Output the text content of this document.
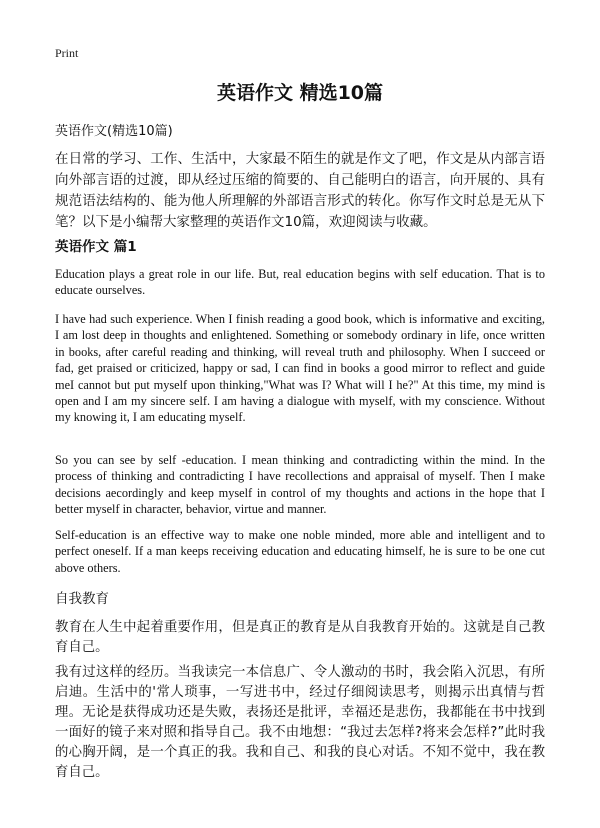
Print
英语作文 精选10篇
英语作文(精选10篇)
在日常的学习、工作、生活中，大家最不陌生的就是作文了吧，作文是从内部言语向外部言语的过渡，即从经过压缩的简要的、自己能明白的语言，向开展的、具有规范语法结构的、能为他人所理解的外部语言形式的转化。你写作文时总是无从下笔？以下是小编帮大家整理的英语作文10篇，欢迎阅读与收藏。
英语作文 篇1

Education plays a great role in our life. But, real education begins with self education. That is to educate ourselves.

I have had such experience. When I finish reading a good book, which is informative and exciting, I am lost deep in thoughts and enlightened. Something or somebody ordinary in life, once written in books, after careful reading and thinking, will reveal truth and philosophy. When I succeed or fad, get praised or criticized, happy or sad, I can find in books a good mirror to reflect and guide meI cannot but put myself upon thinking,"What was I? What will I he?" At this time, my mind is open and I am my sincere self. I am having a dialogue with myself, with my conscience. Without my knowing it, I am educating myself.

So you can see by self -education. I mean thinking and contradicting within the mind. In the process of thinking and contradicting I have recollections and appraisal of myself. Then I make decisions aecordingly and keep myself in control of my thoughts and actions in the hope that I better myself in character, behavior, virtue and manner.

Self-education is an effective way to make one noble minded, more able and intelligent and to perfect oneself. If a man keeps receiving education and educating himself, he is sure to be one cut above others.

自我教育

教育在人生中起着重要作用，但是真正的教育是从自我教育开始的。这就是自己教育自己。

我有过这样的经历。当我读完一本信息广、令人激动的书时，我会陷入沉思，有所启迪。生活中的'常人琐事，一写进书中，经过仔细阅读思考，则揭示出真情与哲理。无论是获得成功还是失败，表扬还是批评，幸福还是悲伤，我都能在书中找到一面好的镜子来对照和指导自己。我不由地想：“我过去怎样?将来会怎样?”此时我的心胸开阔，是一个真正的我。我和自己、和我的良心对话。不知不觉中，我在教育自己。
